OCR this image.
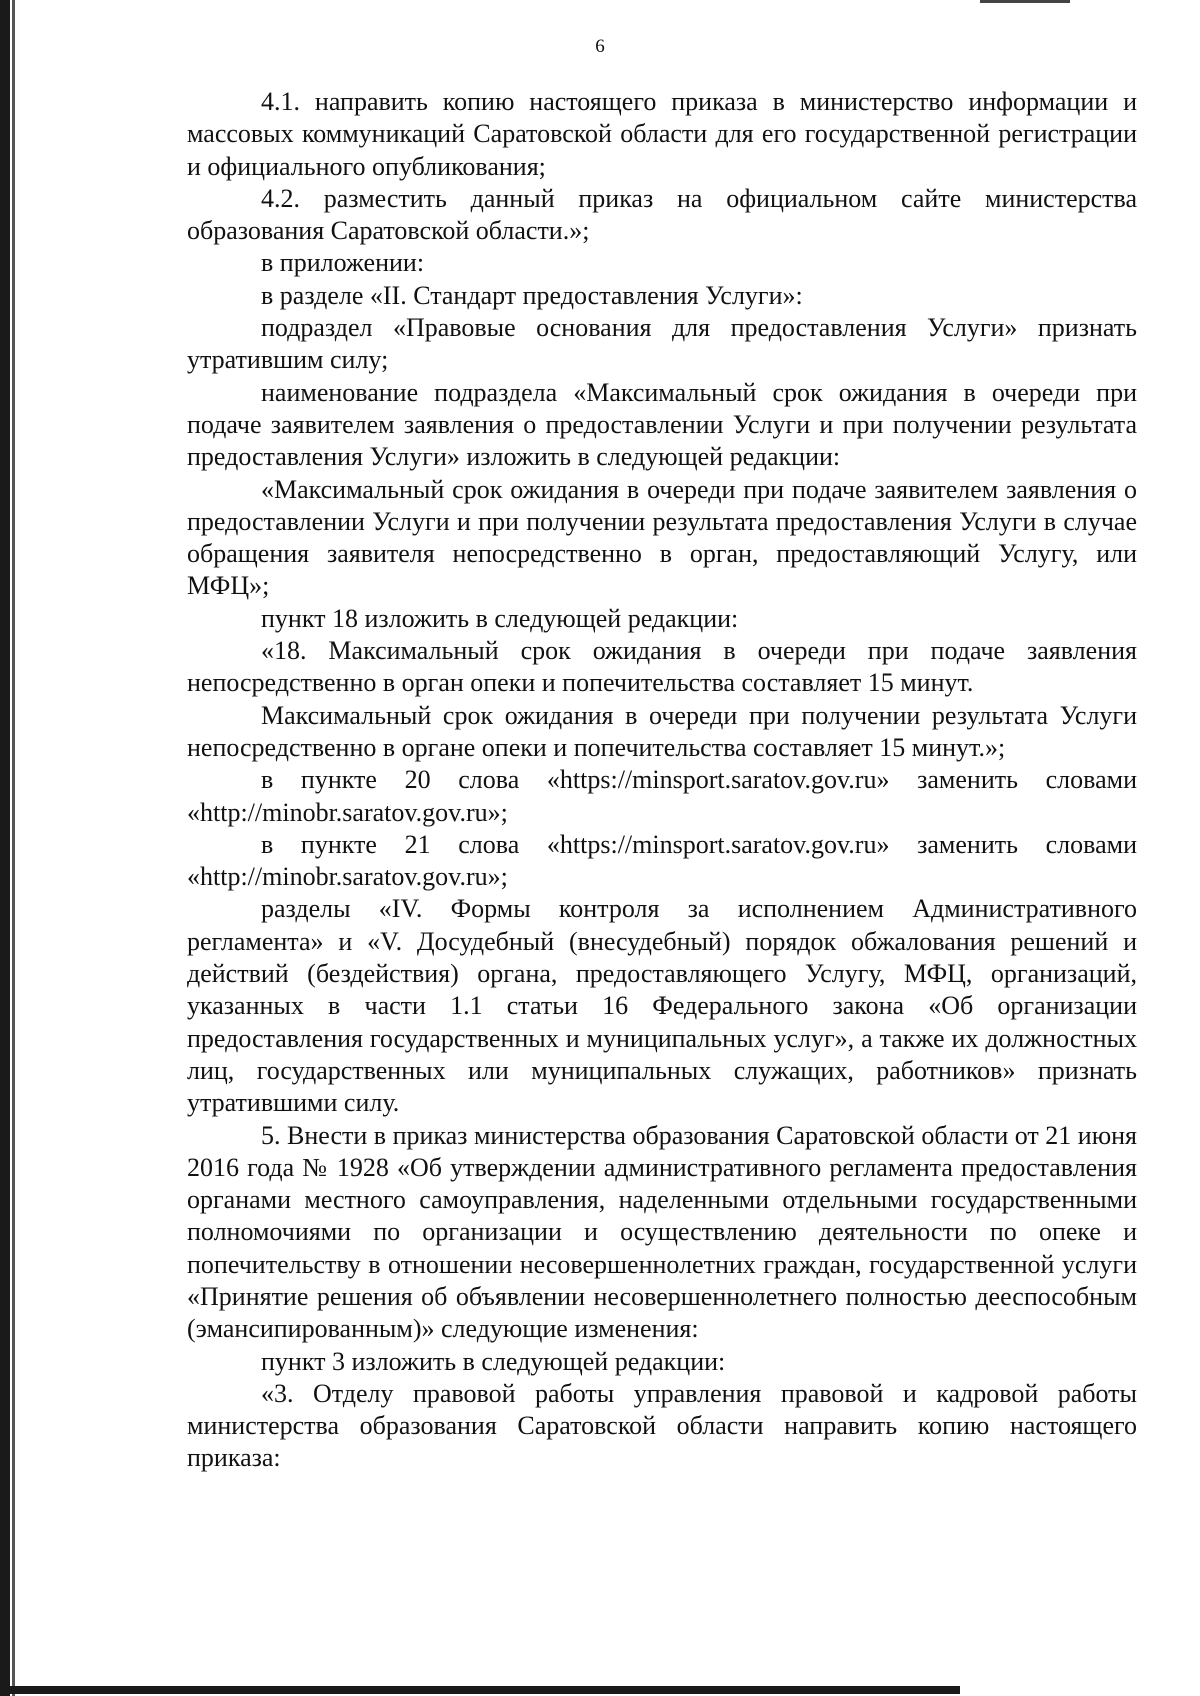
6

4.1. направить копию настоящего приказа в министерство информации и массовых коммуникаций Саратовской области для его государственной регистрации и официального опубликования;

4.2. разместить данный приказ на официальном сайте министерства образования Саратовской области.»;

в приложении:

в разделе «II. Стандарт предоставления Услуги»:

подраздел «Правовые основания для предоставления Услуги» признать утратившим силу;

наименование подраздела «Максимальный срок ожидания в очереди при подаче заявителем заявления о предоставлении Услуги и при получении результата предоставления Услуги» изложить в следующей редакции:

«Максимальный срок ожидания в очереди при подаче заявителем заявления о предоставлении Услуги и при получении результата предоставления Услуги в случае обращения заявителя непосредственно в орган, предоставляющий Услугу, или МФЦ»;

пункт 18 изложить в следующей редакции:

«18. Максимальный срок ожидания в очереди при подаче заявления непосредственно в орган опеки и попечительства составляет 15 минут.

Максимальный срок ожидания в очереди при получении результата Услуги непосредственно в органе опеки и попечительства составляет 15 минут.»;

в пункте 20 слова «https://minsport.saratov.gov.ru» заменить словами «http://minobr.saratov.gov.ru»;

в пункте 21 слова «https://minsport.saratov.gov.ru» заменить словами «http://minobr.saratov.gov.ru»;

разделы «IV. Формы контроля за исполнением Административного регламента» и «V. Досудебный (внесудебный) порядок обжалования решений и действий (бездействия) органа, предоставляющего Услугу, МФЦ, организаций, указанных в части 1.1 статьи 16 Федерального закона «Об организации предоставления государственных и муниципальных услуг», а также их должностных лиц, государственных или муниципальных служащих, работников» признать утратившими силу.

5. Внести в приказ министерства образования Саратовской области от 21 июня 2016 года № 1928 «Об утверждении административного регламента предоставления органами местного самоуправления, наделенными отдельными государственными полномочиями по организации и осуществлению деятельности по опеке и попечительству в отношении несовершеннолетних граждан, государственной услуги «Принятие решения об объявлении несовершеннолетнего полностью дееспособным (эмансипированным)» следующие изменения:

пункт 3 изложить в следующей редакции:

«3. Отделу правовой работы управления правовой и кадровой работы министерства образования Саратовской области направить копию настоящего приказа:
